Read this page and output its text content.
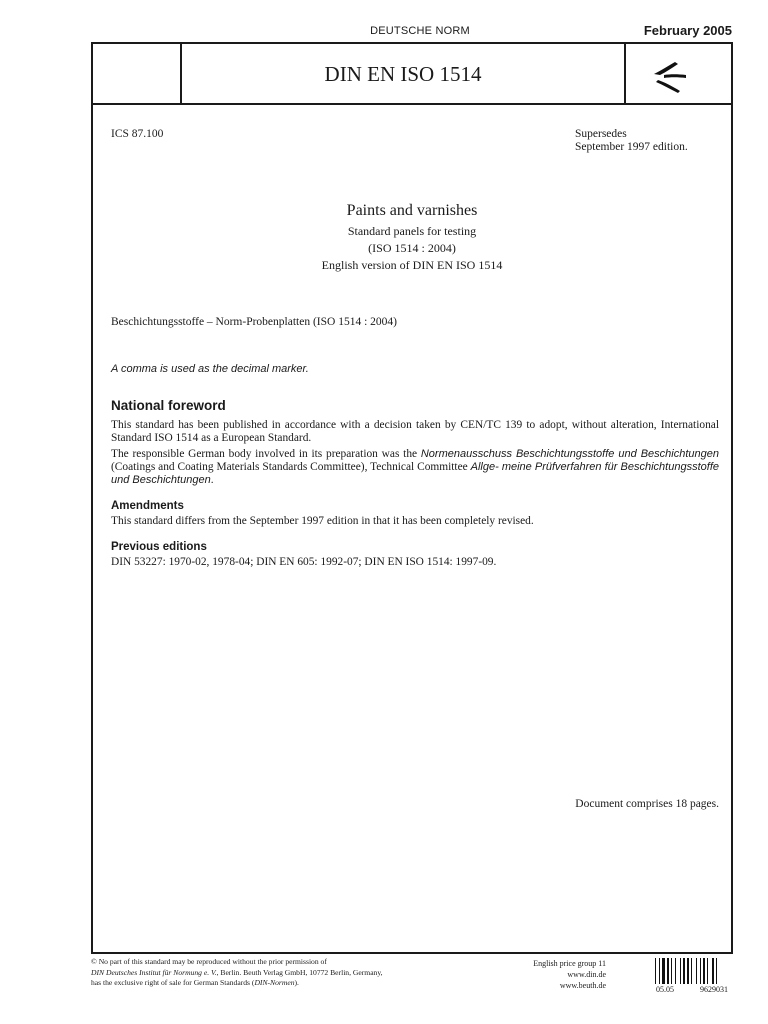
DEUTSCHE NORM	February 2005
DIN EN ISO 1514
ICS 87.100	Supersedes
September 1997 edition.
Paints and varnishes
Standard panels for testing
(ISO 1514 : 2004)
English version of DIN EN ISO 1514
Beschichtungsstoffe – Norm-Probenplatten (ISO 1514 : 2004)
A comma is used as the decimal marker.
National foreword
This standard has been published in accordance with a decision taken by CEN/TC 139 to adopt, without alteration, International Standard ISO 1514 as a European Standard.
The responsible German body involved in its preparation was the Normenausschuss Beschichtungsstoffe und Beschichtungen (Coatings and Coating Materials Standards Committee), Technical Committee Allge- meine Prüfverfahren für Beschichtungsstoffe und Beschichtungen.
Amendments
This standard differs from the September 1997 edition in that it has been completely revised.
Previous editions
DIN 53227: 1970-02, 1978-04; DIN EN 605: 1992-07; DIN EN ISO 1514: 1997-09.
Document comprises 18 pages.
© No part of this standard may be reproduced without the prior permission of
DIN Deutsches Institut für Normung e. V., Berlin. Beuth Verlag GmbH, 10772 Berlin, Germany,
has the exclusive right of sale for German Standards (DIN-Normen).
English price group 11
www.din.de
www.beuth.de	05.05	9629031
